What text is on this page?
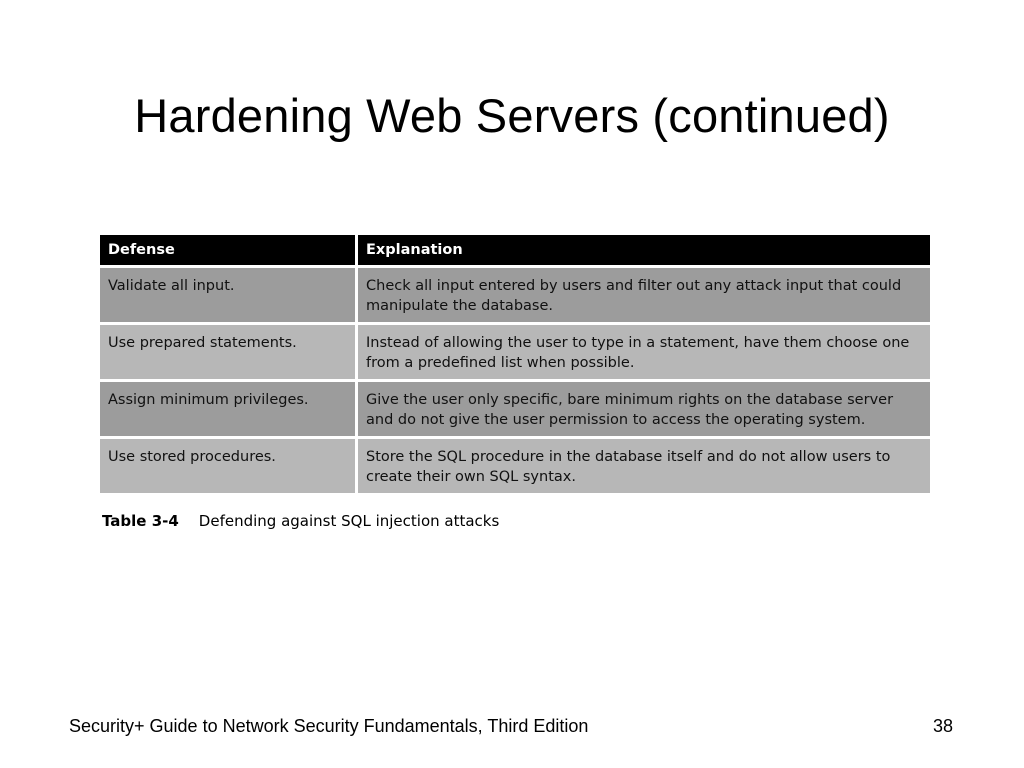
Hardening Web Servers (continued)
Defense	Explanation
Validate all input.	Check all input entered by users and filter out any attack input that could manipulate the database.
Use prepared statements.	Instead of allowing the user to type in a statement, have them choose one from a predefined list when possible.
Assign minimum privileges.	Give the user only specific, bare minimum rights on the database server and do not give the user permission to access the operating system.
Use stored procedures.	Store the SQL procedure in the database itself and do not allow users to create their own SQL syntax.
Table 3-4 Defending against SQL injection attacks
Security+ Guide to Network Security Fundamentals, Third Edition	38
